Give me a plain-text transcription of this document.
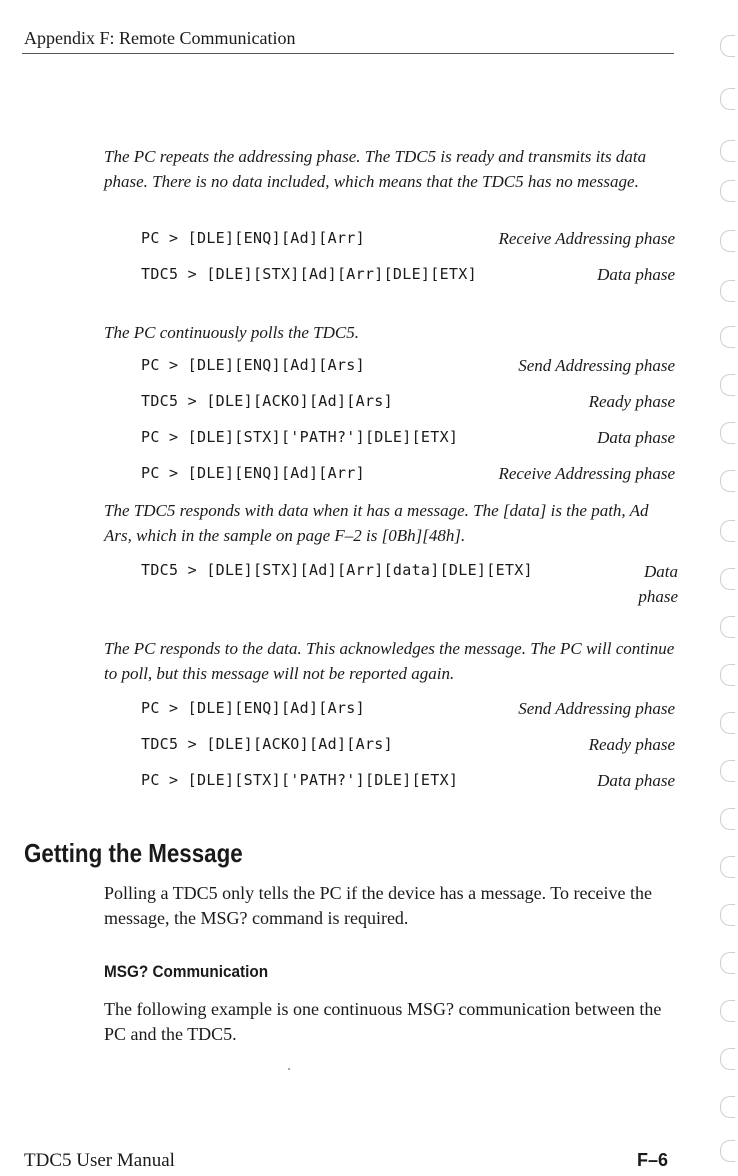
Appendix F: Remote Communication
The PC repeats the addressing phase. The TDC5 is ready and transmits its data phase. There is no data included, which means that the TDC5 has no message.
PC > [DLE][ENQ][Ad][Arr]	Receive Addressing phase
TDC5 > [DLE][STX][Ad][Arr][DLE][ETX]	Data phase
The PC continuously polls the TDC5.
PC > [DLE][ENQ][Ad][Ars]	Send Addressing phase
TDC5 > [DLE][ACKO][Ad][Ars]	Ready phase
PC > [DLE][STX]['PATH?'][DLE][ETX]	Data phase
PC > [DLE][ENQ][Ad][Arr]	Receive Addressing phase
The TDC5 responds with data when it has a message. The [data] is the path, Ad Ars, which in the sample on page F–2 is [0Bh][48h].
TDC5 > [DLE][STX][Ad][Arr][data][DLE][ETX]	Data phase
The PC responds to the data. This acknowledges the message. The PC will continue to poll, but this message will not be reported again.
PC > [DLE][ENQ][Ad][Ars]	Send Addressing phase
TDC5 > [DLE][ACKO][Ad][Ars]	Ready phase
PC > [DLE][STX]['PATH?'][DLE][ETX]	Data phase
Getting the Message
Polling a TDC5 only tells the PC if the device has a message. To receive the message, the MSG? command is required.
MSG? Communication
The following example is one continuous MSG? communication between the PC and the TDC5.
TDC5 User Manual	F–6
